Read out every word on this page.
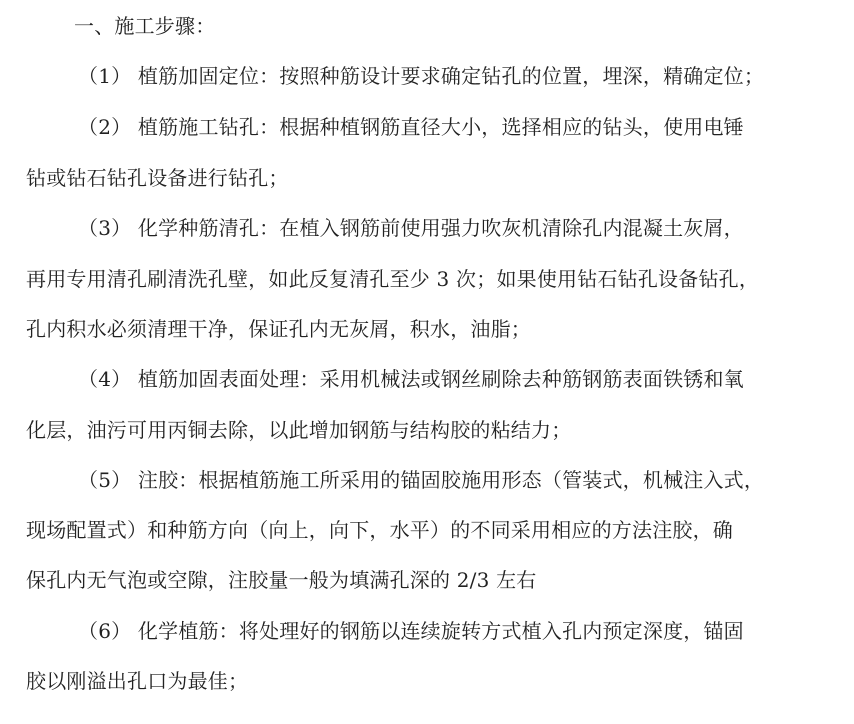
一、施工步骤：
（1） 植筋加固定位：按照种筋设计要求确定钻孔的位置，埋深，精确定位；
（2） 植筋施工钻孔：根据种植钢筋直径大小，选择相应的钻头，使用电锤
钻或钻石钻孔设备进行钻孔；
（3） 化学种筋清孔：在植入钢筋前使用强力吹灰机清除孔内混凝土灰屑，
再用专用清孔刷清洗孔壁，如此反复清孔至少 3 次；如果使用钻石钻孔设备钻孔，
孔内积水必须清理干净，保证孔内无灰屑，积水，油脂；
（4） 植筋加固表面处理：采用机械法或钢丝刷除去种筋钢筋表面铁锈和氧
化层，油污可用丙铜去除，以此增加钢筋与结构胶的粘结力；
（5） 注胶：根据植筋施工所采用的锚固胶施用形态（管装式，机械注入式，
现场配置式）和种筋方向（向上，向下，水平）的不同采用相应的方法注胶，确
保孔内无气泡或空隙，注胶量一般为填满孔深的 2/3 左右
（6） 化学植筋：将处理好的钢筋以连续旋转方式植入孔内预定深度，锚固
胶以刚溢出孔口为最佳；
